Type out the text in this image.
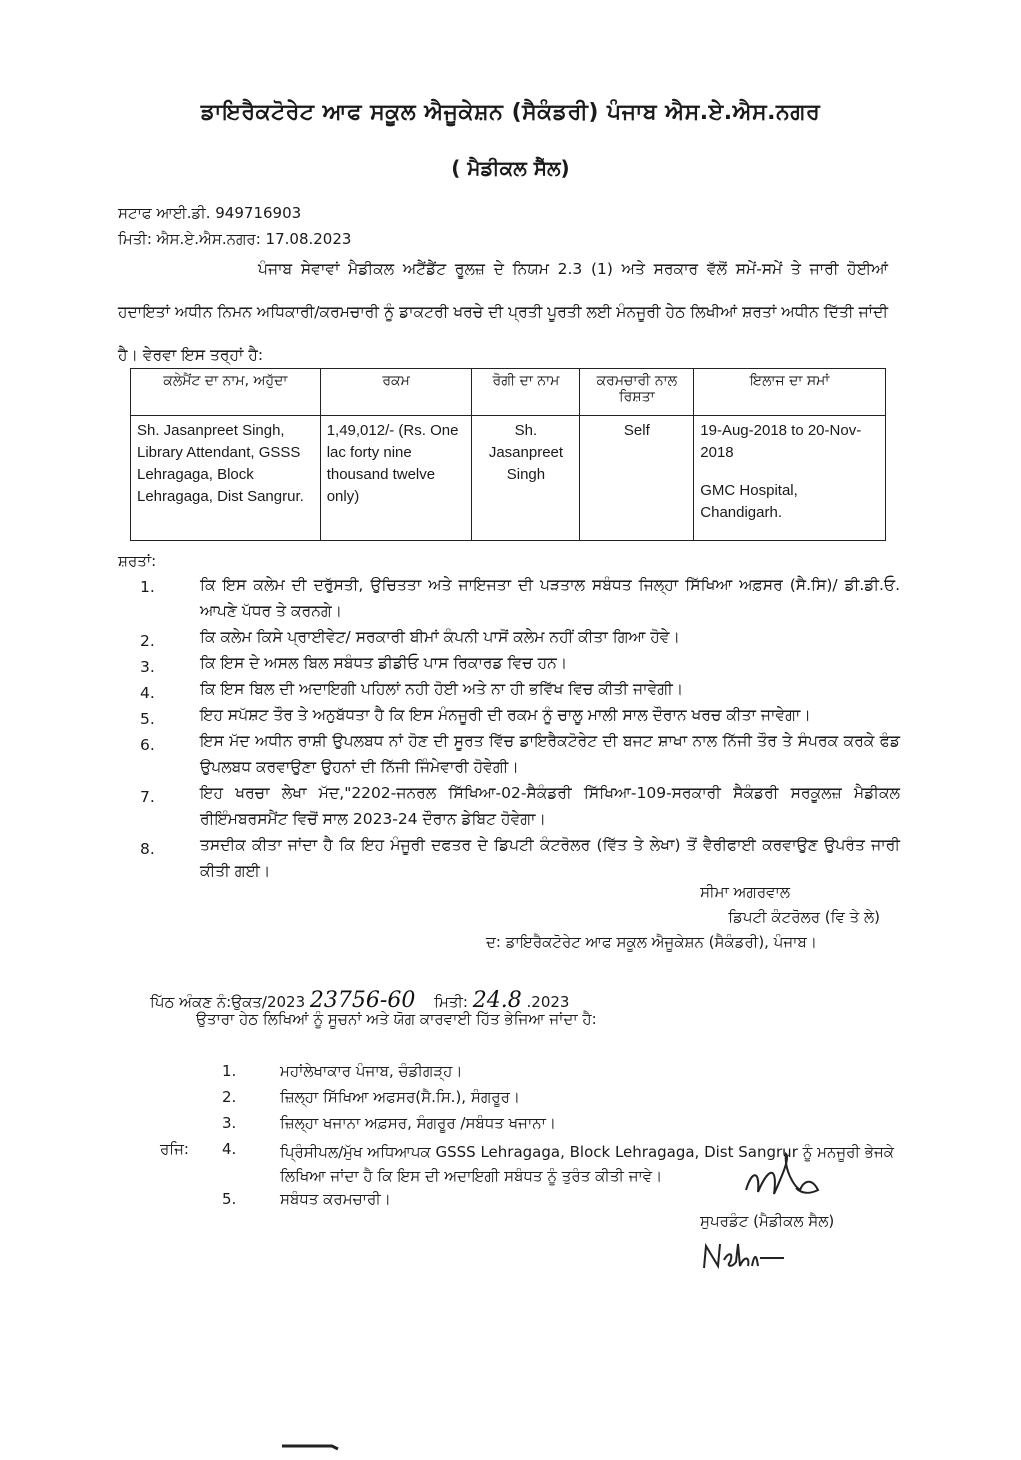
ਡਾਇਰੈਕਟੋਰੇਟ ਆਫ ਸਕੂਲ ਐਜੂਕੇਸ਼ਨ (ਸੈਕੰਡਰੀ) ਪੰਜਾਬ ਐਸ.ਏ.ਐਸ.ਨਗਰ
( ਮੈਡੀਕਲ ਸੈੱਲ)
ਸਟਾਫ ਆਈ.ਡੀ. 949716903
ਮਿਤੀ: ਐਸ.ਏ.ਐਸ.ਨਗਰ: 17.08.2023
ਪੰਜਾਬ ਸੇਵਾਵਾਂ ਮੈਡੀਕਲ ਅਟੈਂਡੈਂਟ ਰੂਲਜ਼ ਦੇ ਨਿਯਮ 2.3 (1) ਅਤੇ ਸਰਕਾਰ ਵੱਲੋਂ ਸਮੇਂ-ਸਮੇਂ ਤੇ ਜਾਰੀ ਹੋਈਆਂ ਹਦਾਇਤਾਂ ਅਧੀਨ ਨਿਮਨ ਅਧਿਕਾਰੀ/ਕਰਮਚਾਰੀ ਨੂੰ ਡਾਕਟਰੀ ਖਰਚੇ ਦੀ ਪ੍ਰਤੀ ਪੂਰਤੀ ਲਈ ਮੰਨਜੂਰੀ ਹੇਠ ਲਿਖੀਆਂ ਸ਼ਰਤਾਂ ਅਧੀਨ ਦਿੱਤੀ ਜਾਂਦੀ ਹੈ। ਵੇਰਵਾ ਇਸ ਤਰ੍ਹਾਂ ਹੈ:
ਕਲੇਮੈਂਟ ਦਾ ਨਾਮ, ਅਹੁੱਦਾ	ਰਕਮ	ਰੋਗੀ ਦਾ ਨਾਮ	ਕਰਮਚਾਰੀ ਨਾਲ ਰਿਸ਼ਤਾ	ਇਲਾਜ ਦਾ ਸਮਾਂ
Sh. Jasanpreet Singh, Library Attendant, GSSS Lehragaga, Block Lehragaga, Dist Sangrur.	1,49,012/- (Rs. One lac forty nine thousand twelve only)	Sh. Jasanpreet Singh	Self	19-Aug-2018 to 20-Nov-2018
GMC Hospital, Chandigarh.
ਸ਼ਰਤਾਂ:
1.	ਕਿ ਇਸ ਕਲੇਮ ਦੀ ਦਰੁੱਸਤੀ, ਉਚਿਤਤਾ ਅਤੇ ਜਾਇਜਤਾ ਦੀ ਪੜਤਾਲ ਸਬੰਧਤ ਜਿਲ੍ਹਾ ਸਿੱਖਿਆ ਅਫ਼ਸਰ (ਸੈ.ਸਿ)/ ਡੀ.ਡੀ.ਓ. ਆਪਣੇ ਪੱਧਰ ਤੇ ਕਰਨਗੇ।
2.	ਕਿ ਕਲੇਮ ਕਿਸੇ ਪ੍ਰਾਈਵੇਟ/ ਸਰਕਾਰੀ ਬੀਮਾਂ ਕੰਪਨੀ ਪਾਸੋਂ ਕਲੇਮ ਨਹੀਂ ਕੀਤਾ ਗਿਆ ਹੋਵੇ।
3.	ਕਿ ਇਸ ਦੇ ਅਸਲ ਬਿਲ ਸਬੰਧਤ ਡੀਡੀਓ ਪਾਸ ਰਿਕਾਰਡ ਵਿਚ ਹਨ।
4.	ਕਿ ਇਸ ਬਿਲ ਦੀ ਅਦਾਇਗੀ ਪਹਿਲਾਂ ਨਹੀ ਹੋਈ ਅਤੇ ਨਾ ਹੀ ਭਵਿੱਖ ਵਿਚ ਕੀਤੀ ਜਾਵੇਗੀ।
5.	ਇਹ ਸਪੱਸ਼ਟ ਤੌਰ ਤੇ ਅਨੁਬੱਧਤਾ ਹੈ ਕਿ ਇਸ ਮੰਨਜੂਰੀ ਦੀ ਰਕਮ ਨੂੰ ਚਾਲੂ ਮਾਲੀ ਸਾਲ ਦੌਰਾਨ ਖਰਚ ਕੀਤਾ ਜਾਵੇਗਾ।
6.	ਇਸ ਮੱਦ ਅਧੀਨ ਰਾਸ਼ੀ ਉਪਲਬਧ ਨਾਂ ਹੋਣ ਦੀ ਸੂਰਤ ਵਿੱਚ ਡਾਇਰੈਕਟੋਰੇਟ ਦੀ ਬਜਟ ਸ਼ਾਖਾ ਨਾਲ ਨਿੱਜੀ ਤੌਰ ਤੇ ਸੰਪਰਕ ਕਰਕੇ ਫੰਡ ਉਪਲਬਧ ਕਰਵਾਉਣਾ ਉਹਨਾਂ ਦੀ ਨਿੱਜੀ ਜਿੰਮੇਵਾਰੀ ਹੋਵੇਗੀ।
7.	ਇਹ ਖਰਚਾ ਲੇਖਾ ਮੱਦ,"2202-ਜਨਰਲ ਸਿੱਖਿਆ-02-ਸੈਕੰਡਰੀ ਸਿੱਖਿਆ-109-ਸਰਕਾਰੀ ਸੈਕੰਡਰੀ ਸਰਕੂਲਜ਼ ਮੈਡੀਕਲ ਰੀਇੰਮਬਰਸਮੈਂਟ ਵਿਚੋਂ ਸਾਲ 2023-24 ਦੌਰਾਨ ਡੇਬਿਟ ਹੋਵੇਗਾ।
8.	ਤਸਦੀਕ ਕੀਤਾ ਜਾਂਦਾ ਹੈ ਕਿ ਇਹ ਮੰਜੂਰੀ ਦਫਤਰ ਦੇ ਡਿਪਟੀ ਕੰਟਰੋਲਰ (ਵਿੱਤ ਤੇ ਲੇਖਾ) ਤੋਂ ਵੈਰੀਫਾਈ ਕਰਵਾਉਣ ਉਪਰੰਤ ਜਾਰੀ ਕੀਤੀ ਗਈ।
ਸੀਮਾ ਅਗਰਵਾਲ
ਡਿਪਟੀ ਕੰਟਰੋਲਰ (ਵਿ ਤੇ ਲੇ)
ਦ: ਡਾਇਰੈਕਟੋਰੇਟ ਆਫ ਸਕੂਲ ਐਜੂਕੇਸ਼ਨ (ਸੈਕੰਡਰੀ), ਪੰਜਾਬ।
ਪਿੱਠ ਅੰਕਣ ਨੰ:ਉਕਤ/2023 23756-60 ਮਿਤੀ: 24.8 .2023
ਉਤਾਰਾ ਹੇਠ ਲਿਖਿਆਂ ਨੂੰ ਸੂਚਨਾਂ ਅਤੇ ਯੋਗ ਕਾਰਵਾਈ ਹਿੱਤ ਭੇਜਿਆ ਜਾਂਦਾ ਹੈ:
1.	ਮਹਾਂਲੇਖਾਕਾਰ ਪੰਜਾਬ, ਚੰਡੀਗੜ੍ਹ।
2.	ਜ਼ਿਲ੍ਹਾ ਸਿੱਖਿਆ ਅਫਸਰ(ਸੈ.ਸਿ.), ਸੰਗਰੂਰ।
3.	ਜ਼ਿਲ੍ਹਾ ਖਜਾਨਾ ਅਫ਼ਸਰ, ਸੰਗਰੂਰ /ਸਬੰਧਤ ਖਜਾਨਾ।
ਰਜਿ: 4.	ਪ੍ਰਿੰਸੀਪਲ/ਮੁੱਖ ਅਧਿਆਪਕ GSSS Lehragaga, Block Lehragaga, Dist Sangrur ਨੂੰ ਮਨਜੂਰੀ ਭੇਜਕੇ ਲਿਖਿਆ ਜਾਂਦਾ ਹੈ ਕਿ ਇਸ ਦੀ ਅਦਾਇਗੀ ਸਬੰਧਤ ਨੂੰ ਤੁਰੰਤ ਕੀਤੀ ਜਾਵੇ।
5.	ਸਬੰਧਤ ਕਰਮਚਾਰੀ।
ਸੁਪਰਡੰਟ (ਮੈਡੀਕਲ ਸੈਲ)
